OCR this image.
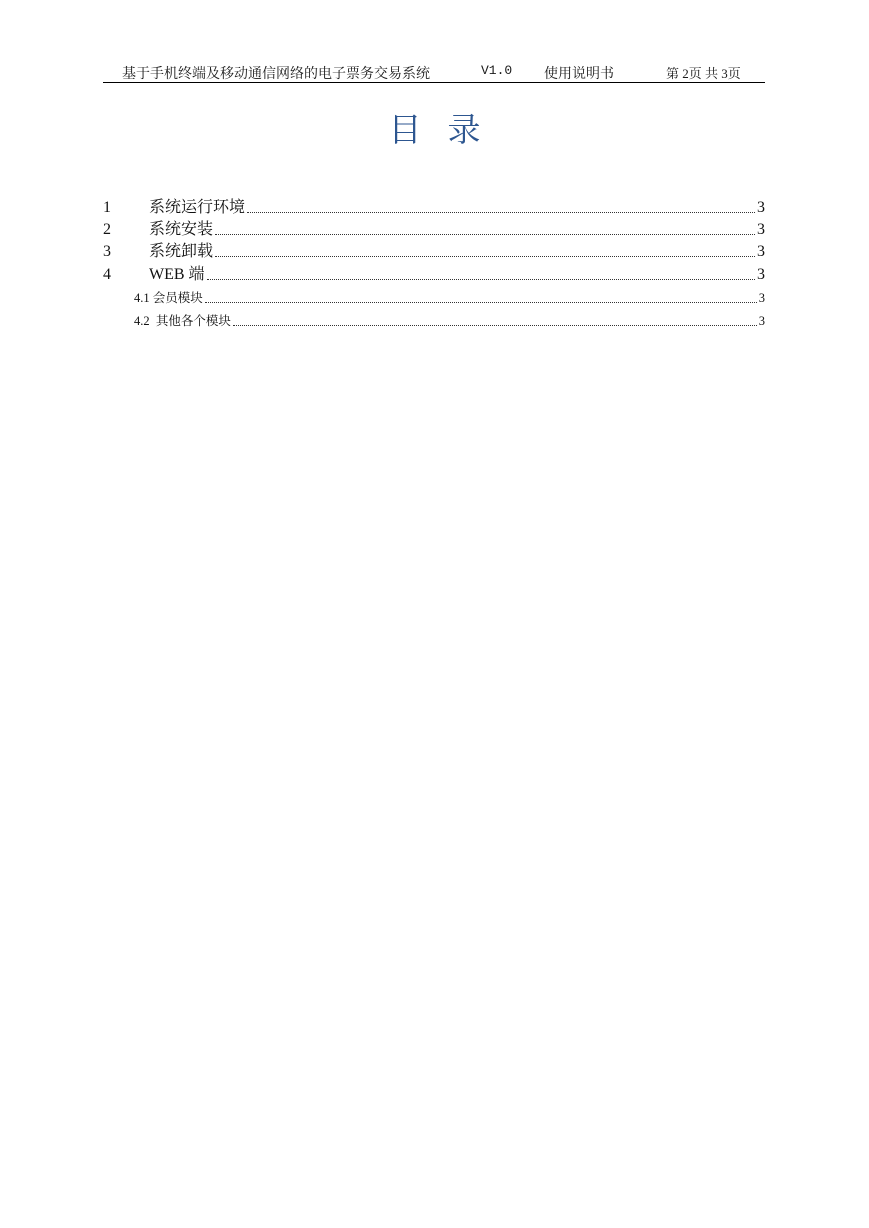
基于手机终端及移动通信网络的电子票务交易系统	V1.0 使用说明书	第 2页 共 3页
目录
1	系统运行环境	3
2	系统安装	3
3	系统卸载	3
4	WEB 端	3
4.1 会员模块	3
4.2  其他各个模块	3
